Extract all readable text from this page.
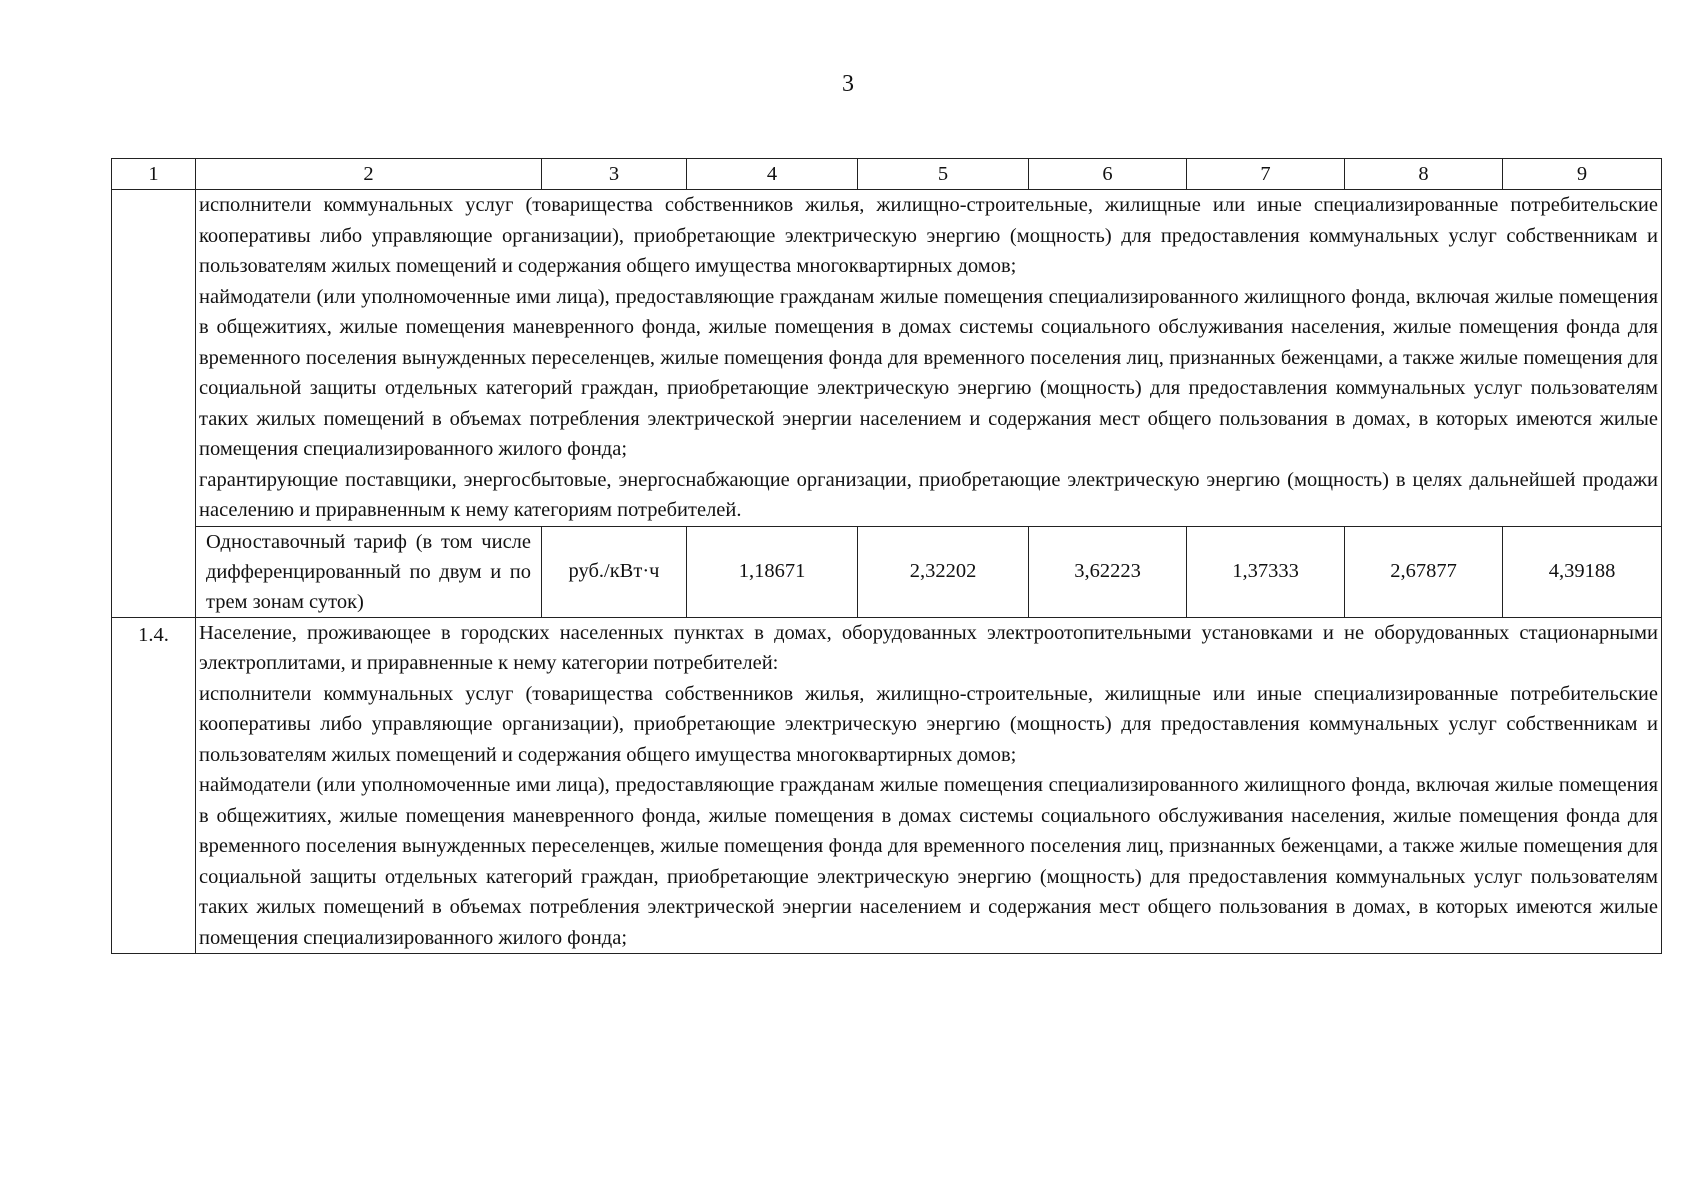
3
1	2	3	4	5	6	7	8	9

	исполнители коммунальных услуг (товарищества собственников жилья, жилищно-строительные, жилищные или иные специализированные потребительские кооперативы либо управляющие организации), приобретающие электрическую энергию (мощность) для предоставления коммунальных услуг собственникам и пользователям жилых помещений и содержания общего имущества многоквартирных домов;

наймодатели (или уполномоченные ими лица), предоставляющие гражданам жилые помещения специализированного жилищного фонда, включая жилые помещения в общежитиях, жилые помещения маневренного фонда, жилые помещения в домах системы социального обслуживания населения, жилые помещения фонда для временного поселения вынужденных переселенцев, жилые помещения фонда для временного поселения лиц, признанных беженцами, а также жилые помещения для социальной защиты отдельных категорий граждан, приобретающие электрическую энергию (мощность) для предоставления коммунальных услуг пользователям таких жилых помещений в объемах потребления электрической энергии населением и содержания мест общего пользования в домах, в которых имеются жилые помещения специализированного жилого фонда;

гарантирующие поставщики, энергосбытовые, энергоснабжающие организации, приобретающие электрическую энергию (мощность) в целях дальнейшей продажи населению и приравненным к нему категориям потребителей.							

	Одноставочный тариф (в том числе дифференцированный по двум и по трем зонам суток)	руб./кВт·ч	1,18671	2,32202	3,62223	1,37333	2,67877	4,39188
1.4.	Население, проживающее в городских населенных пунктах в домах, оборудованных электроотопительными установками и не оборудованных стационарными электроплитами, и приравненные к нему категории потребителей:

исполнители коммунальных услуг (товарищества собственников жилья, жилищно-строительные, жилищные или иные специализированные потребительские кооперативы либо управляющие организации), приобретающие электрическую энергию (мощность) для предоставления коммунальных услуг собственникам и пользователям жилых помещений и содержания общего имущества многоквартирных домов;

наймодатели (или уполномоченные ими лица), предоставляющие гражданам жилые помещения специализированного жилищного фонда, включая жилые помещения в общежитиях, жилые помещения маневренного фонда, жилые помещения в домах системы социального обслуживания населения, жилые помещения фонда для временного поселения вынужденных переселенцев, жилые помещения фонда для временного поселения лиц, признанных беженцами, а также жилые помещения для социальной защиты отдельных категорий граждан, приобретающие электрическую энергию (мощность) для предоставления коммунальных услуг пользователям таких жилых помещений в объемах потребления электрической энергии населением и содержания мест общего пользования в домах, в которых имеются жилые помещения специализированного жилого фонда;							
